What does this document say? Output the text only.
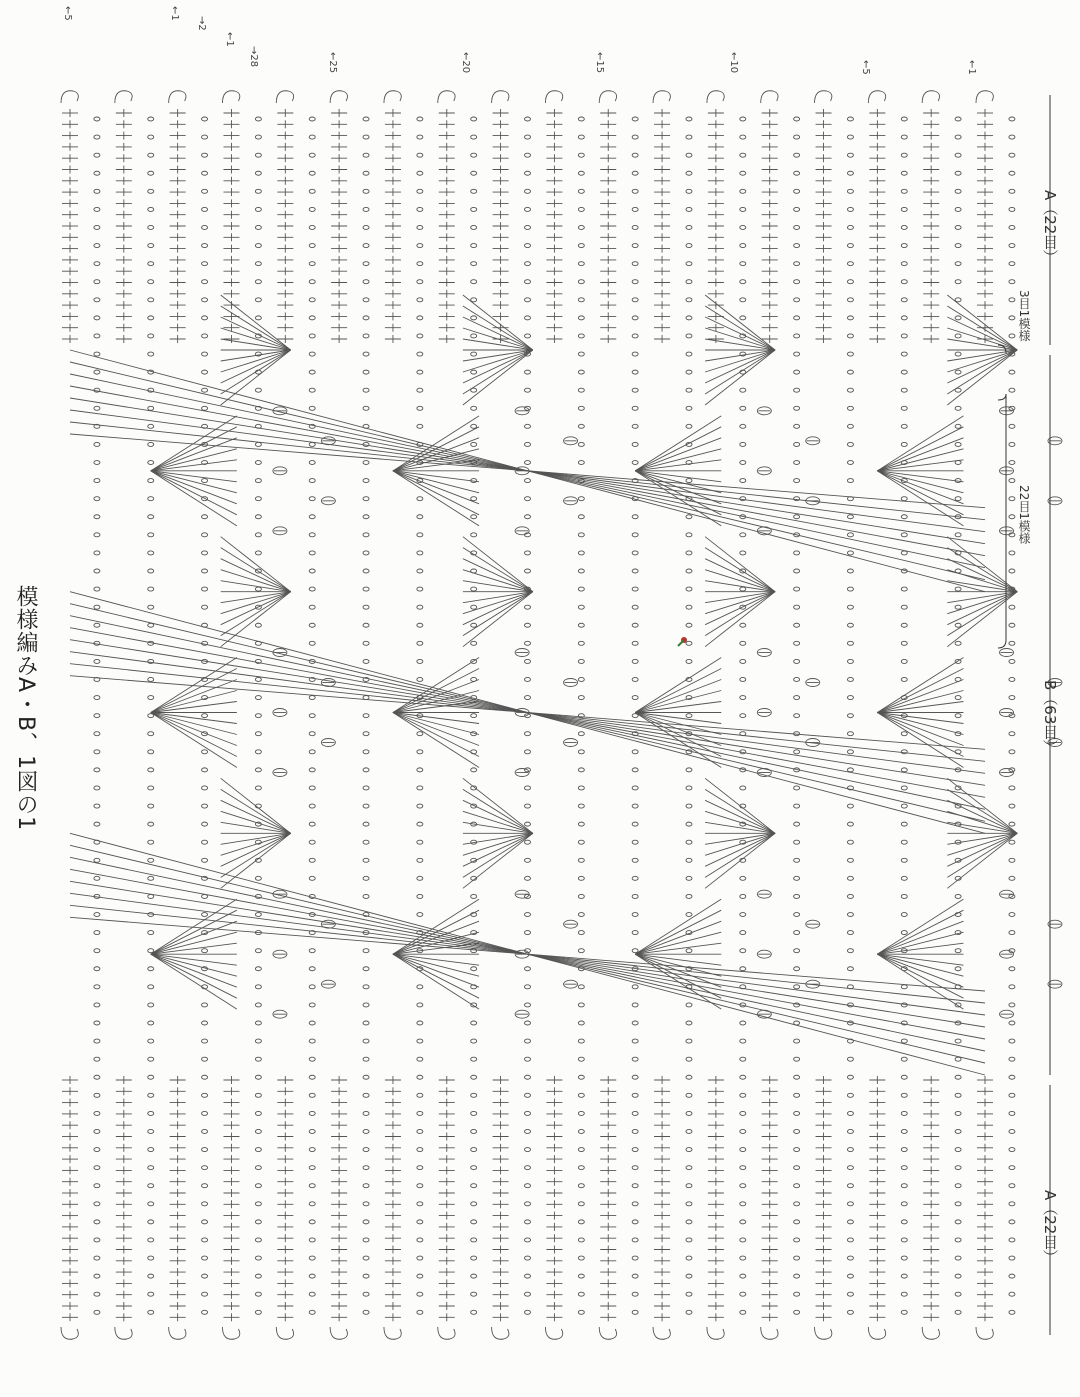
模様編みA・B、1図の1
A（22目）
B（63目）
A（22目）
3目1模様
22目1模様
←1
←5
←10
←15
←20
←25
→28
←1
→2
←1
←5
